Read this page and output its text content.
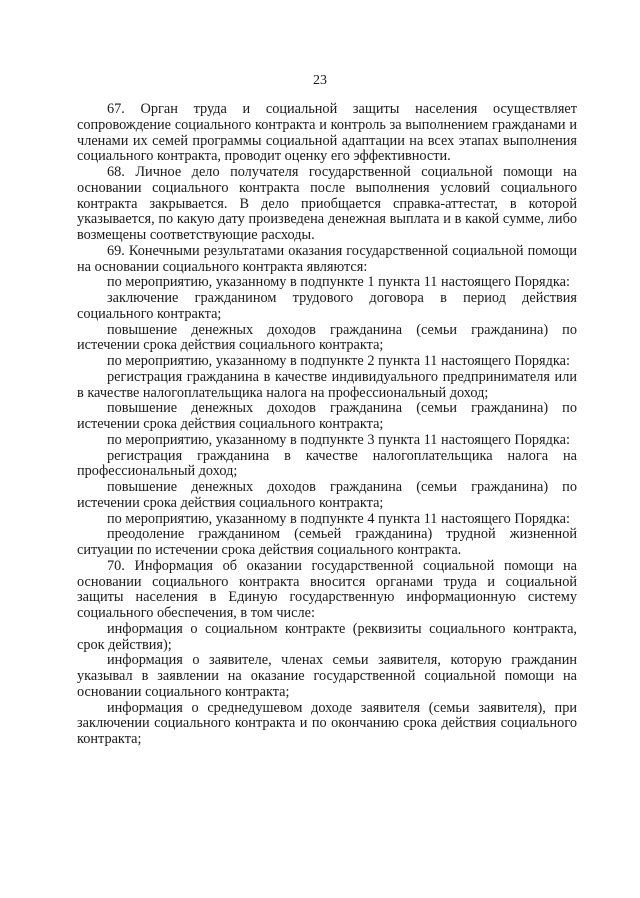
23

67. Орган труда и социальной защиты населения осуществляет сопровождение социального контракта и контроль за выполнением гражданами и членами их семей программы социальной адаптации на всех этапах выполнения социального контракта, проводит оценку его эффективности.

68. Личное дело получателя государственной социальной помощи на основании социального контракта после выполнения условий социального контракта закрывается. В дело приобщается справка-аттестат, в которой указывается, по какую дату произведена денежная выплата и в какой сумме, либо возмещены соответствующие расходы.

69. Конечными результатами оказания государственной социальной помощи на основании социального контракта являются:

по мероприятию, указанному в подпункте 1 пункта 11 настоящего Порядка:

заключение гражданином трудового договора в период действия социального контракта;

повышение денежных доходов гражданина (семьи гражданина) по истечении срока действия социального контракта;

по мероприятию, указанному в подпункте 2 пункта 11 настоящего Порядка:

регистрация гражданина в качестве индивидуального предпринимателя или в качестве налогоплательщика налога на профессиональный доход;

повышение денежных доходов гражданина (семьи гражданина) по истечении срока действия социального контракта;

по мероприятию, указанному в подпункте 3 пункта 11 настоящего Порядка:

регистрация гражданина в качестве налогоплательщика налога на профессиональный доход;

повышение денежных доходов гражданина (семьи гражданина) по истечении срока действия социального контракта;

по мероприятию, указанному в подпункте 4 пункта 11 настоящего Порядка:

преодоление гражданином (семьей гражданина) трудной жизненной ситуации по истечении срока действия социального контракта.

70. Информация об оказании государственной социальной помощи на основании социального контракта вносится органами труда и социальной защиты населения в Единую государственную информационную систему социального обеспечения, в том числе:

информация о социальном контракте (реквизиты социального контракта, срок действия);

информация о заявителе, членах семьи заявителя, которую гражданин указывал в заявлении на оказание государственной социальной помощи на основании социального контракта;

информация о среднедушевом доходе заявителя (семьи заявителя), при заключении социального контракта и по окончанию срока действия социального контракта;
